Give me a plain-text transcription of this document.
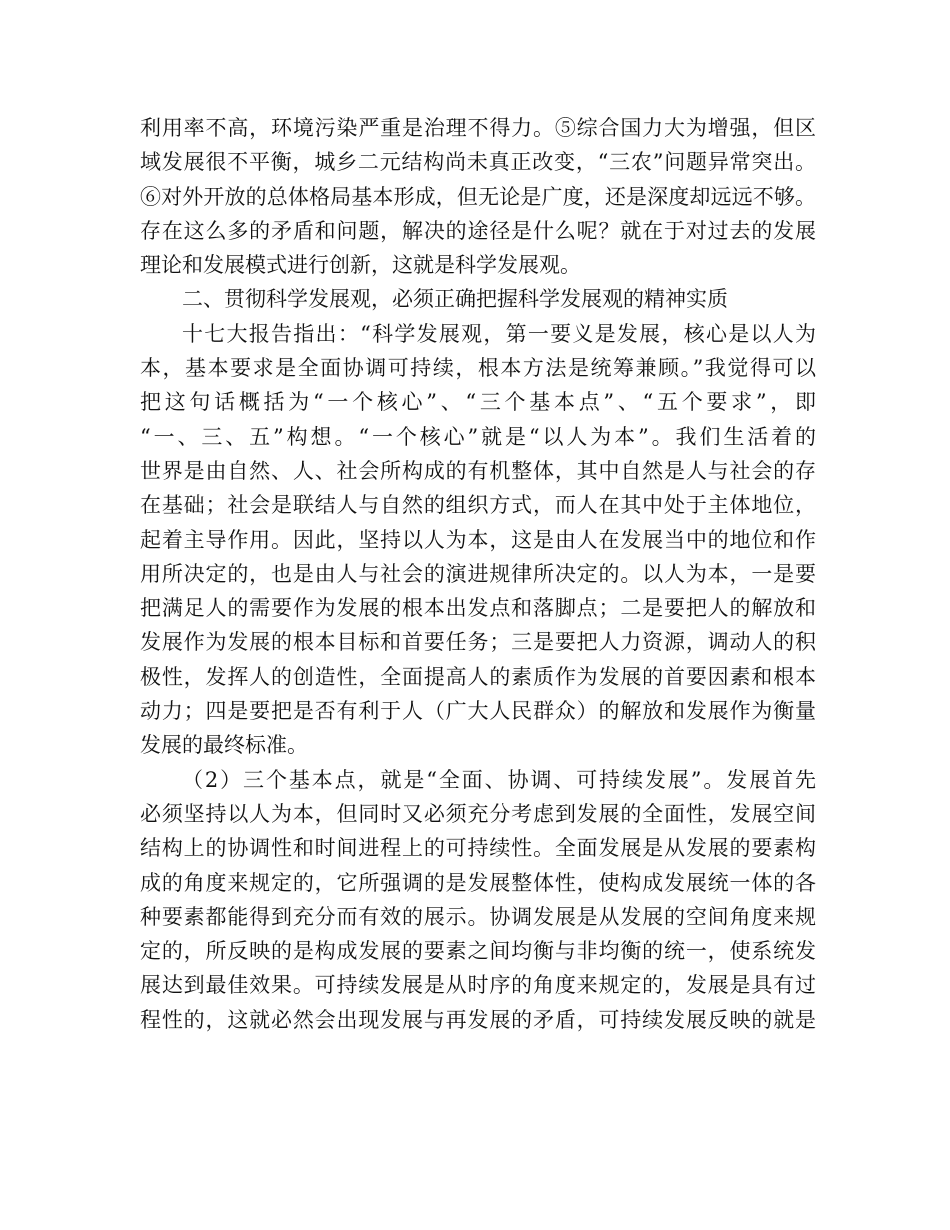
利用率不高，环境污染严重是治理不得力。⑤综合国力大为增强，但区
域发展很不平衡，城乡二元结构尚未真正改变，“三农”问题异常突出。
⑥对外开放的总体格局基本形成，但无论是广度，还是深度却远远不够。
存在这么多的矛盾和问题，解决的途径是什么呢？就在于对过去的发展
理论和发展模式进行创新，这就是科学发展观。
二、贯彻科学发展观，必须正确把握科学发展观的精神实质
十七大报告指出：“科学发展观，第一要义是发展，核心是以人为
本，基本要求是全面协调可持续，根本方法是统筹兼顾。”我觉得可以
把这句话概括为“一个核心”、“三个基本点”、“五个要求”，即
“一、三、五”构想。“一个核心”就是“以人为本”。我们生活着的
世界是由自然、人、社会所构成的有机整体，其中自然是人与社会的存
在基础；社会是联结人与自然的组织方式，而人在其中处于主体地位，
起着主导作用。因此，坚持以人为本，这是由人在发展当中的地位和作
用所决定的，也是由人与社会的演进规律所决定的。以人为本，一是要
把满足人的需要作为发展的根本出发点和落脚点；二是要把人的解放和
发展作为发展的根本目标和首要任务；三是要把人力资源，调动人的积
极性，发挥人的创造性，全面提高人的素质作为发展的首要因素和根本
动力；四是要把是否有利于人（广大人民群众）的解放和发展作为衡量
发展的最终标准。
（2）三个基本点，就是“全面、协调、可持续发展”。发展首先
必须坚持以人为本，但同时又必须充分考虑到发展的全面性，发展空间
结构上的协调性和时间进程上的可持续性。全面发展是从发展的要素构
成的角度来规定的，它所强调的是发展整体性，使构成发展统一体的各
种要素都能得到充分而有效的展示。协调发展是从发展的空间角度来规
定的，所反映的是构成发展的要素之间均衡与非均衡的统一，使系统发
展达到最佳效果。可持续发展是从时序的角度来规定的，发展是具有过
程性的，这就必然会出现发展与再发展的矛盾，可持续发展反映的就是
